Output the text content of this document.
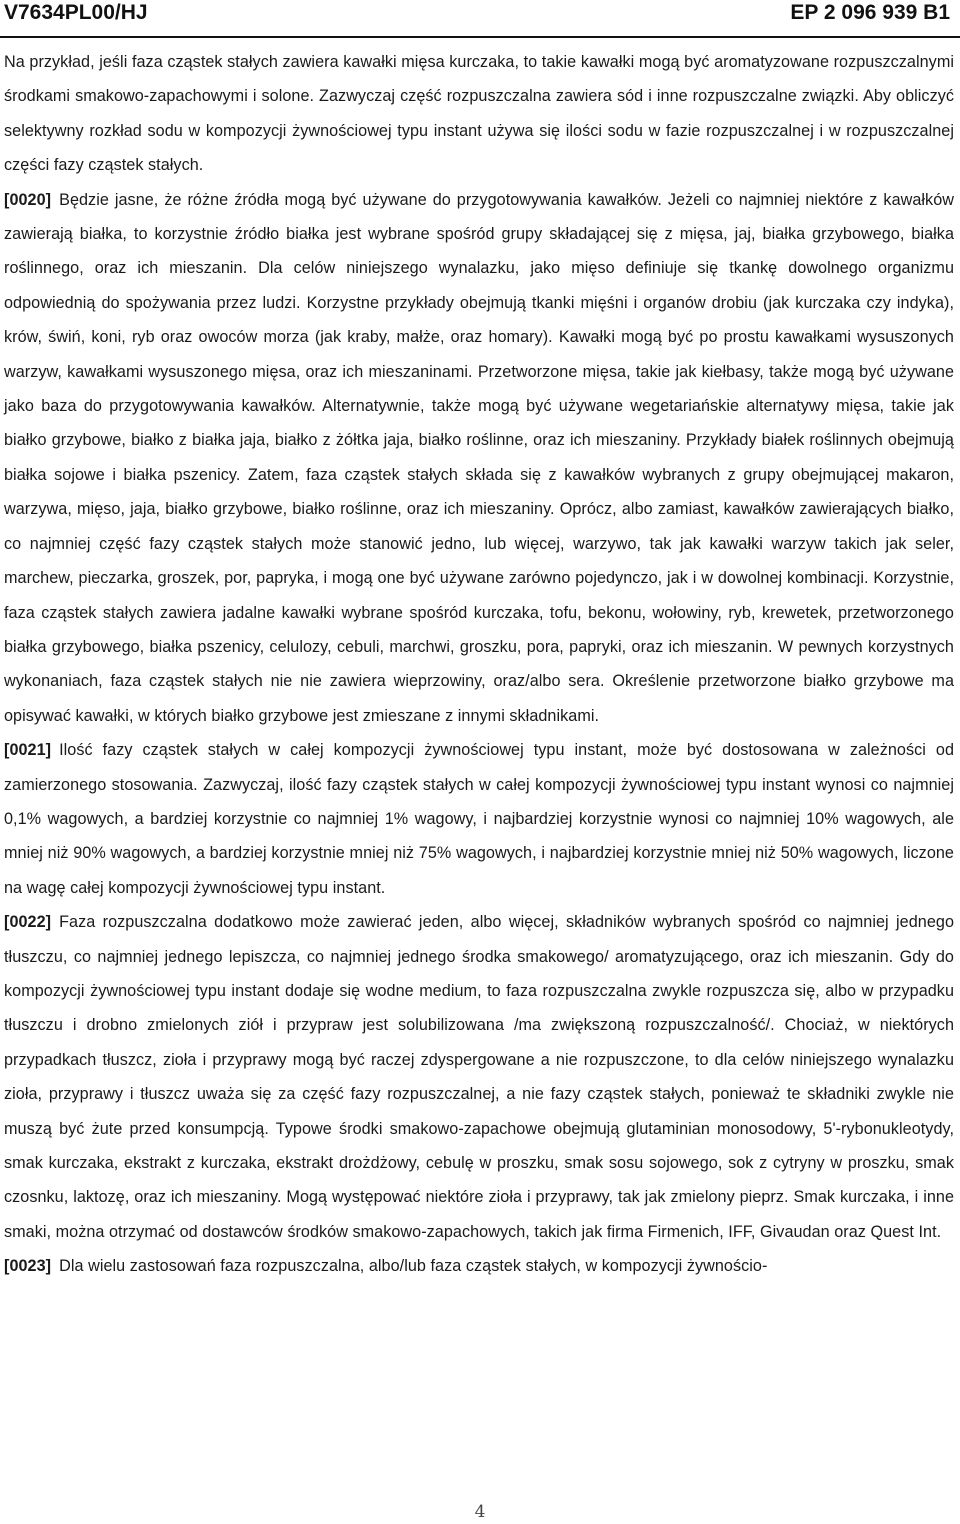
V7634PL00/HJ	EP 2 096 939 B1

Na przykład, jeśli faza cząstek stałych zawiera kawałki mięsa kurczaka, to takie kawałki mogą być aromatyzowane rozpuszczalnymi środkami smakowo-zapachowymi i solone. Zazwyczaj część rozpuszczalna zawiera sód i inne rozpuszczalne związki. Aby obliczyć selektywny rozkład sodu w kompozycji żywnościowej typu instant używa się ilości sodu w fazie rozpuszczalnej i w rozpuszczalnej części fazy cząstek stałych.

[0020] Będzie jasne, że różne źródła mogą być używane do przygotowywania kawałków. Jeżeli co najmniej niektóre z kawałków zawierają białka, to korzystnie źródło białka jest wybrane spośród grupy składającej się z mięsa, jaj, białka grzybowego, białka roślinnego, oraz ich mieszanin. Dla celów niniejszego wynalazku, jako mięso definiuje się tkankę dowolnego organizmu odpowiednią do spożywania przez ludzi. Korzystne przykłady obejmują tkanki mięśni i organów drobiu (jak kurczaka czy indyka), krów, świń, koni, ryb oraz owoców morza (jak kraby, małże, oraz homary). Kawałki mogą być po prostu kawałkami wysuszonych warzyw, kawałkami wysuszonego mięsa, oraz ich mieszaninami. Przetworzone mięsa, takie jak kiełbasy, także mogą być używane jako baza do przygotowywania kawałków. Alternatywnie, także mogą być używane wegetariańskie alternatywy mięsa, takie jak białko grzybowe, białko z białka jaja, białko z żółtka jaja, białko roślinne, oraz ich mieszaniny. Przykłady białek roślinnych obejmują białka sojowe i białka pszenicy. Zatem, faza cząstek stałych składa się z kawałków wybranych z grupy obejmującej makaron, warzywa, mięso, jaja, białko grzybowe, białko roślinne, oraz ich mieszaniny. Oprócz, albo zamiast, kawałków zawierających białko, co najmniej część fazy cząstek stałych może stanowić jedno, lub więcej, warzywo, tak jak kawałki warzyw takich jak seler, marchew, pieczarka, groszek, por, papryka, i mogą one być używane zarówno pojedynczo, jak i w dowolnej kombinacji. Korzystnie, faza cząstek stałych zawiera jadalne kawałki wybrane spośród kurczaka, tofu, bekonu, wołowiny, ryb, krewetek, przetworzonego białka grzybowego, białka pszenicy, celulozy, cebuli, marchwi, groszku, pora, papryki, oraz ich mieszanin. W pewnych korzystnych wykonaniach, faza cząstek stałych nie nie zawiera wieprzowiny, oraz/albo sera. Określenie przetworzone białko grzybowe ma opisywać kawałki, w których białko grzybowe jest zmieszane z innymi składnikami.

[0021] Ilość fazy cząstek stałych w całej kompozycji żywnościowej typu instant, może być dostosowana w zależności od zamierzonego stosowania. Zazwyczaj, ilość fazy cząstek stałych w całej kompozycji żywnościowej typu instant wynosi co najmniej 0,1% wagowych, a bardziej korzystnie co najmniej 1% wagowy, i najbardziej korzystnie wynosi co najmniej 10% wagowych, ale mniej niż 90% wagowych, a bardziej korzystnie mniej niż 75% wagowych, i najbardziej korzystnie mniej niż 50% wagowych, liczone na wagę całej kompozycji żywnościowej typu instant.

[0022] Faza rozpuszczalna dodatkowo może zawierać jeden, albo więcej, składników wybranych spośród co najmniej jednego tłuszczu, co najmniej jednego lepiszcza, co najmniej jednego środka smakowego/ aromatyzującego, oraz ich mieszanin. Gdy do kompozycji żywnościowej typu instant dodaje się wodne medium, to faza rozpuszczalna zwykle rozpuszcza się, albo w przypadku tłuszczu i drobno zmielonych ziół i przypraw jest solubilizowana /ma zwiększoną rozpuszczalność/. Chociaż, w niektórych przypadkach tłuszcz, zioła i przyprawy mogą być raczej zdyspergowane a nie rozpuszczone, to dla celów niniejszego wynalazku zioła, przyprawy i tłuszcz uważa się za część fazy rozpuszczalnej, a nie fazy cząstek stałych, ponieważ te składniki zwykle nie muszą być żute przed konsumpcją. Typowe środki smakowo-zapachowe obejmują glutaminian monosodowy, 5'-rybonukleotydy, smak kurczaka, ekstrakt z kurczaka, ekstrakt drożdżowy, cebulę w proszku, smak sosu sojowego, sok z cytryny w proszku, smak czosnku, laktozę, oraz ich mieszaniny. Mogą występować niektóre zioła i przyprawy, tak jak zmielony pieprz. Smak kurczaka, i inne smaki, można otrzymać od dostawców środków smakowo-zapachowych, takich jak firma Firmenich, IFF, Givaudan oraz Quest Int.

[0023] Dla wielu zastosowań faza rozpuszczalna, albo/lub faza cząstek stałych, w kompozycji żywnościo-

4
